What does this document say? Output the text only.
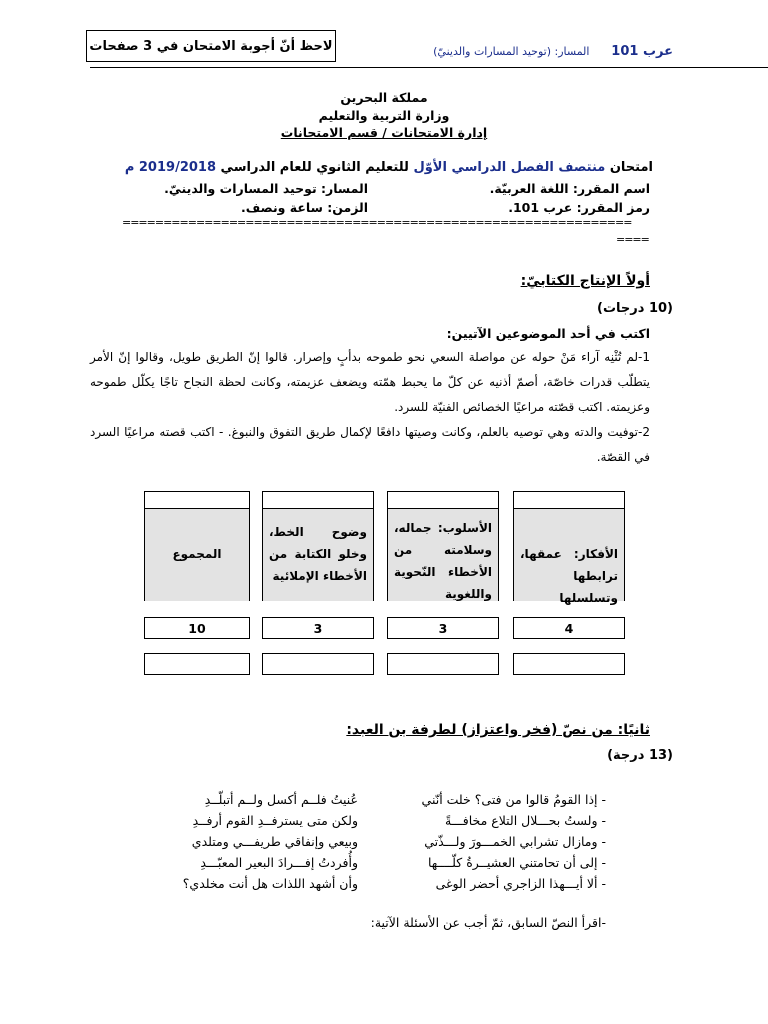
لاحظ أنّ أجوبة الامتحان في 3 صفحات	عرب 101 المسار: (توحيد المسارات والدينيّ)
مملكة البحرين
وزارة التربية والتعليم
إدارة الامتحانات / قسم الامتحانات
امتحان منتصف الفصل الدراسي الأوّل للتعليم الثانوي للعام الدراسي 2019/2018 م
اسم المقرر: اللغة العربيّة.
المسار: توحيد المسارات والدينيّ.
رمز المقرر: عرب 101.
الزمن: ساعة ونصف.
==============================================================
====
أولاً الإنتاج الكتابيّ:
(10 درجات)
اكتب في أحد الموضوعين الآتيين:
1-لم تُثْنِه آراء مَنْ حوله عن مواصلة السعي نحو طموحه بدأبٍ وإصرار. قالوا إنّ الطريق طويل، وقالوا إنّ الأمر يتطلّب قدرات خاصّة، أصمّ أذنيه عن كلّ ما يحبط همّته ويضعف عزيمته، وكانت لحظة النجاح تاجًا يكلّل طموحه وعزيمته. اكتب قصّته مراعيًا الخصائص الفنيّة للسرد.
2-توفيت والدته وهي توصيه بالعلم، وكانت وصيتها دافعًا لإكمال طريق التفوق والنبوغ. - اكتب قصته مراعيًا السرد في القصّة.
الأفكار: عمقها، ترابطها وتسلسلها
الأسلوب: جماله، وسلامته من الأخطاء النّحوية واللغوية
وضوح الخط، وخلو الكتابة من الأخطاء الإملائية
المجموع
4
3
3
10
ثانيًا: من نصّ (فخر واعتزاز) لطرفة بن العبد:
(13 درجة)
- إذا القومُ قالوا من فتى؟ خلت أنّني
عُنيتُ فلــم أكسل ولــم أتبلّــدِ
- ولستُ بحـــلال التلاع مخافـــةً
ولكن متى يسترفــدِ القوم أرفــدِ
- ومازال تشرابي الخمـــورَ ولـــذّتي
وبيعي وإنفاقي طريفـــي ومتلدي
- إلى أن تحامتني العشيــرةُ كلّــــها
وأُفردتُ إفـــرادَ البعير المعبّـــدِ
- ألا أيـــهذا الزاجري أحضر الوغى
وأن أشهد اللذات هل أنت مخلدي؟
-اقرأ النصّ السابق، ثمّ أجب عن الأسئلة الآتية:
